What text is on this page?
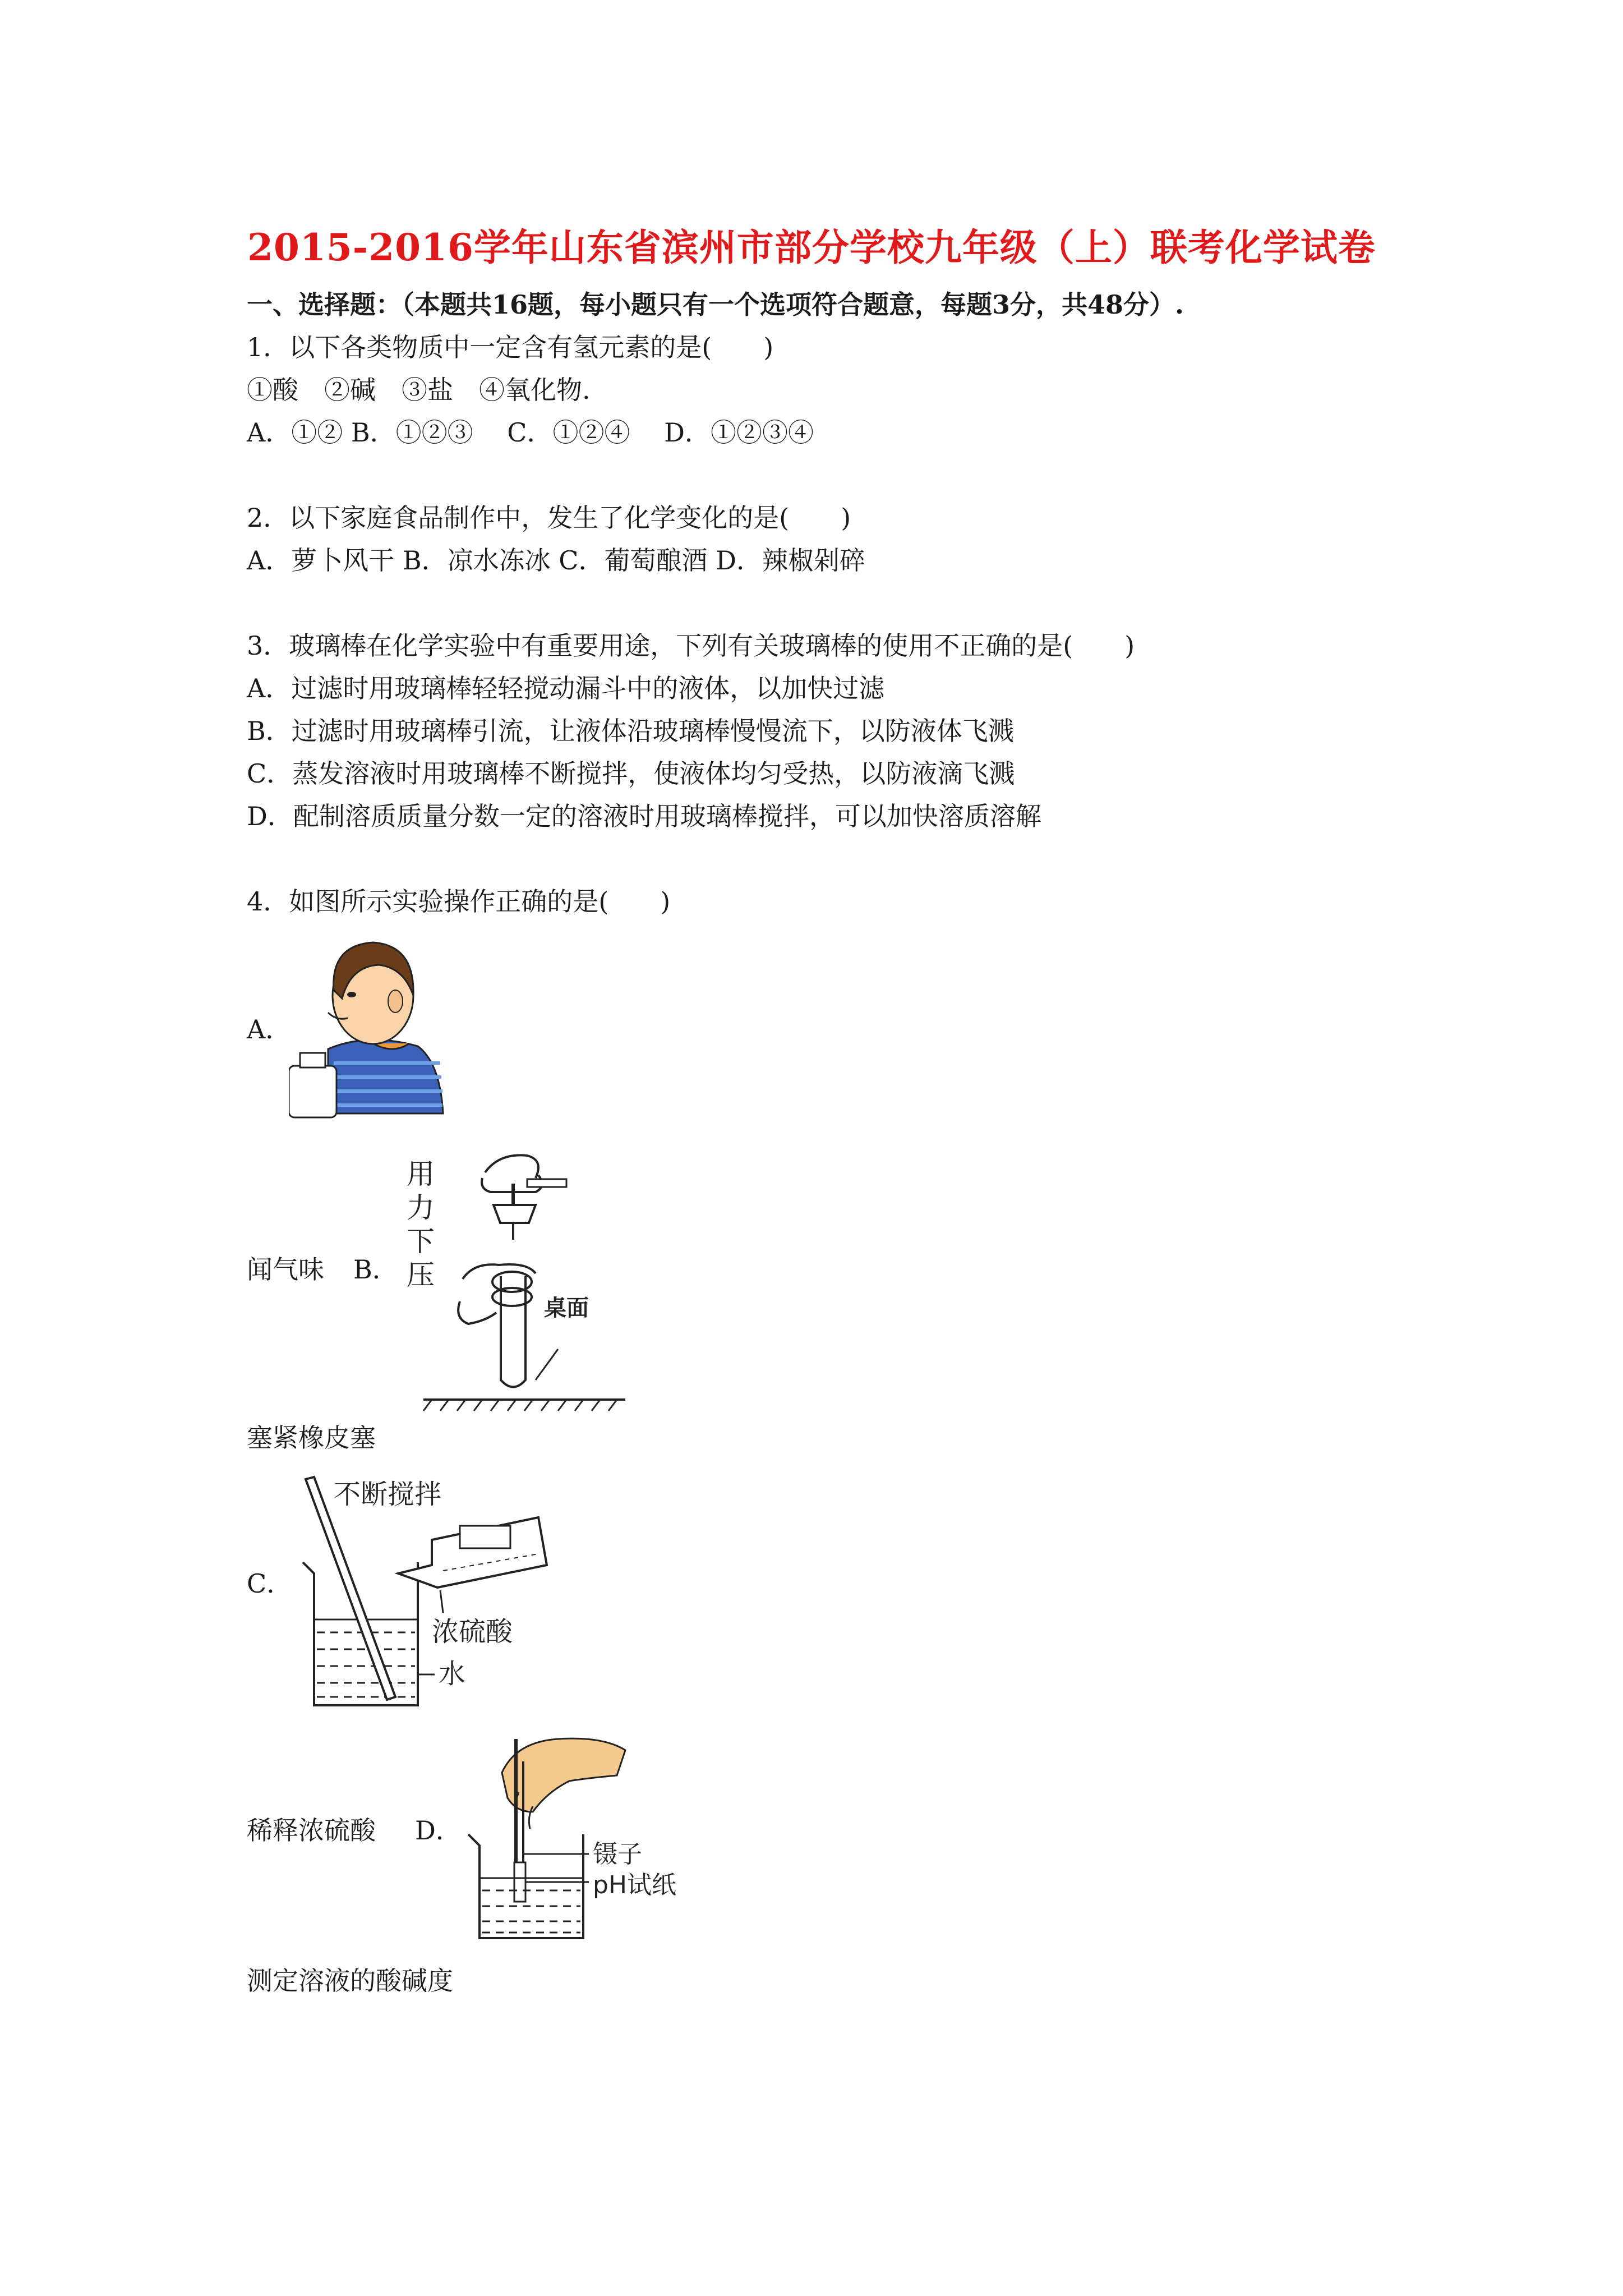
2015-2016学年山东省滨州市部分学校九年级（上）联考化学试卷
一、选择题：（本题共16题，每小题只有一个选项符合题意，每题3分，共48分）.
1．以下各类物质中一定含有氢元素的是(　　)
①酸　②碱　③盐　④氧化物.
A．①② B．①②③　 C．①②④　 D．①②③④
2．以下家庭食品制作中，发生了化学变化的是(　　)
A．萝卜风干 B．凉水冻冰 C．葡萄酿酒 D．辣椒剁碎
3．玻璃棒在化学实验中有重要用途，下列有关玻璃棒的使用不正确的是(　　)
A．过滤时用玻璃棒轻轻搅动漏斗中的液体，以加快过滤
B．过滤时用玻璃棒引流，让液体沿玻璃棒慢慢流下，以防液体飞溅
C．蒸发溶液时用玻璃棒不断搅拌，使液体均匀受热，以防液滴飞溅
D．配制溶质质量分数一定的溶液时用玻璃棒搅拌，可以加快溶质溶解
4．如图所示实验操作正确的是(　　)
A．
闻气味 B．
用
力
下
压
桌面
塞紧橡皮塞
C．
不断搅拌
浓硫酸
水
稀释浓硫酸 D．
镊子
pH试纸
测定溶液的酸碱度
